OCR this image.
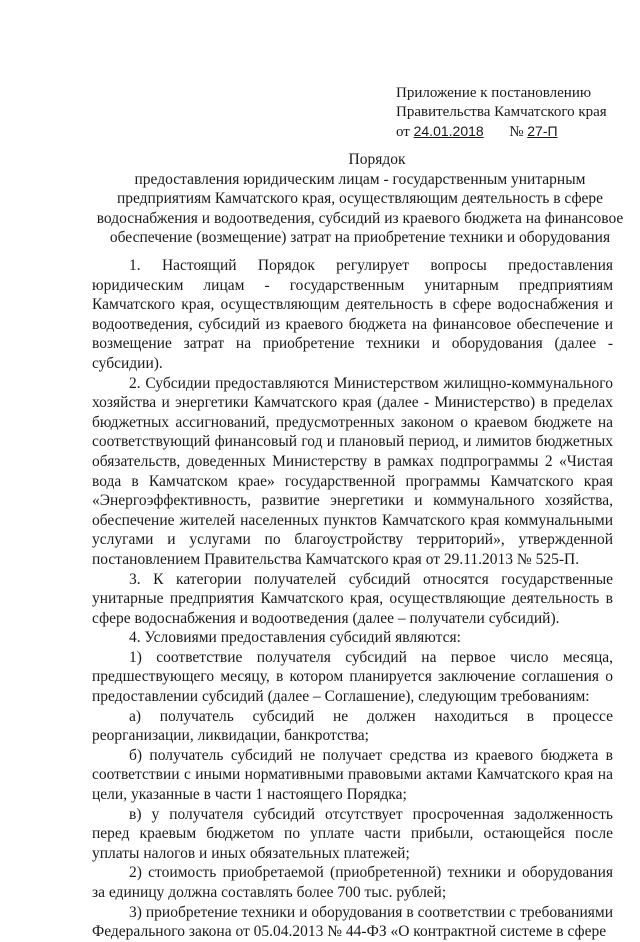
Приложение к постановлению
Правительства Камчатского края
от 24.01.2018 № 27-П
Порядок
предоставления юридическим лицам - государственным унитарным
предприятиям Камчатского края, осуществляющим деятельность в сфере
водоснабжения и водоотведения, субсидий из краевого бюджета на финансовое
обеспечение (возмещение) затрат на приобретение техники и оборудования

1. Настоящий Порядок регулирует вопросы предоставления юридическим лицам - государственным унитарным предприятиям Камчатского края, осуществляющим деятельность в сфере водоснабжения и водоотведения, субсидий из краевого бюджета на финансовое обеспечение и возмещение затрат на приобретение техники и оборудования (далее - субсидии).

2. Субсидии предоставляются Министерством жилищно-коммунального хозяйства и энергетики Камчатского края (далее - Министерство) в пределах бюджетных ассигнований, предусмотренных законом о краевом бюджете на соответствующий финансовый год и плановый период, и лимитов бюджетных обязательств, доведенных Министерству в рамках подпрограммы 2 «Чистая вода в Камчатском крае» государственной программы Камчатского края «Энергоэффективность, развитие энергетики и коммунального хозяйства, обеспечение жителей населенных пунктов Камчатского края коммунальными услугами и услугами по благоустройству территорий», утвержденной постановлением Правительства Камчатского края от 29.11.2013 № 525-П.

3. К категории получателей субсидий относятся государственные унитарные предприятия Камчатского края, осуществляющие деятельность в сфере водоснабжения и водоотведения (далее – получатели субсидий).

4. Условиями предоставления субсидий являются:

1) соответствие получателя субсидий на первое число месяца, предшествующего месяцу, в котором планируется заключение соглашения о предоставлении субсидий (далее – Соглашение), следующим требованиям:

а) получатель субсидий не должен находиться в процессе реорганизации, ликвидации, банкротства;

б) получатель субсидий не получает средства из краевого бюджета в соответствии с иными нормативными правовыми актами Камчатского края на цели, указанные в части 1 настоящего Порядка;

в) у получателя субсидий отсутствует просроченная задолженность перед краевым бюджетом по уплате части прибыли, остающейся после уплаты налогов и иных обязательных платежей;

2) стоимость приобретаемой (приобретенной) техники и оборудования за единицу должна составлять более 700 тыс. рублей;

3) приобретение техники и оборудования в соответствии с требованиями Федерального закона от 05.04.2013 № 44-ФЗ «О контрактной системе в сфере
